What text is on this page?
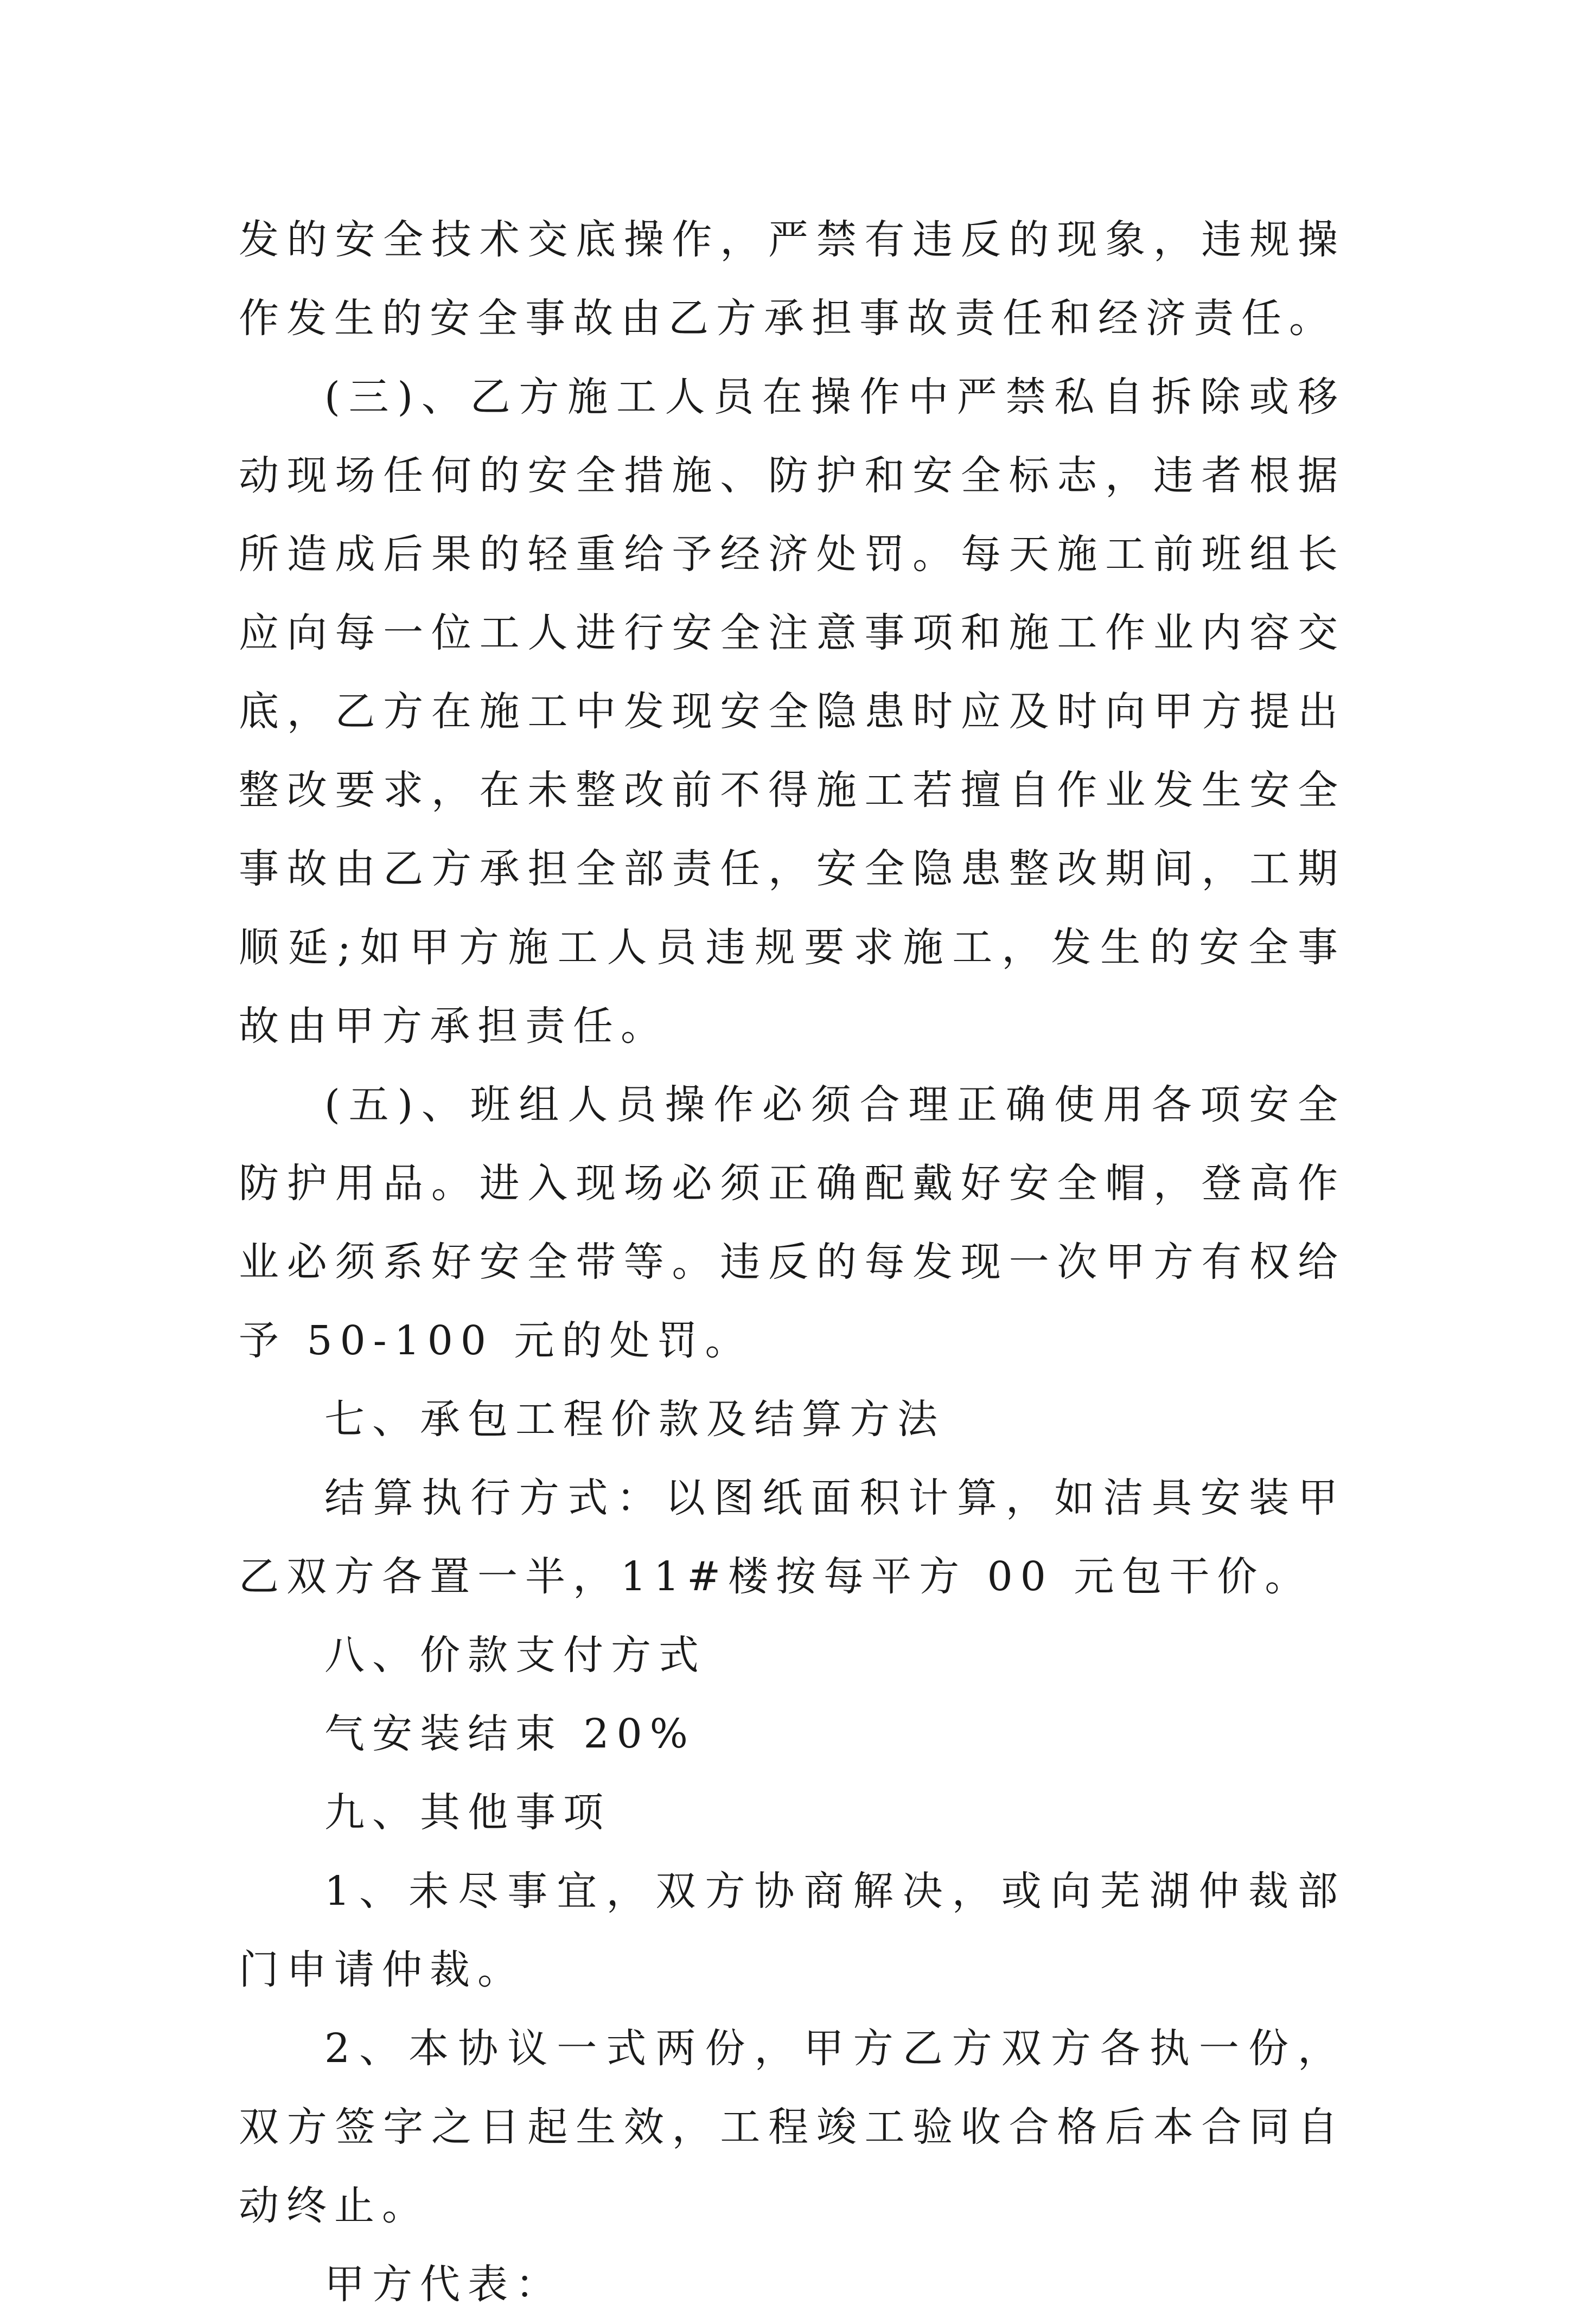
发的安全技术交底操作，严禁有违反的现象，违规操作发生的安全事故由乙方承担事故责任和经济责任。

(三)、乙方施工人员在操作中严禁私自拆除或移动现场任何的安全措施、防护和安全标志，违者根据所造成后果的轻重给予经济处罚。每天施工前班组长应向每一位工人进行安全注意事项和施工作业内容交底，乙方在施工中发现安全隐患时应及时向甲方提出整改要求，在未整改前不得施工若擅自作业发生安全事故由乙方承担全部责任，安全隐患整改期间，工期顺延;如甲方施工人员违规要求施工，发生的安全事故由甲方承担责任。

(五)、班组人员操作必须合理正确使用各项安全防护用品。进入现场必须正确配戴好安全帽，登高作业必须系好安全带等。违反的每发现一次甲方有权给予 50-100 元的处罚。

七、承包工程价款及结算方法

结算执行方式：以图纸面积计算，如洁具安装甲乙双方各置一半，11#楼按每平方 00 元包干价。

八、价款支付方式

气安装结束 20%

九、其他事项

1、未尽事宜，双方协商解决，或向芜湖仲裁部门申请仲裁。

2、本协议一式两份，甲方乙方双方各执一份，双方签字之日起生效，工程竣工验收合格后本合同自动终止。

甲方代表：
